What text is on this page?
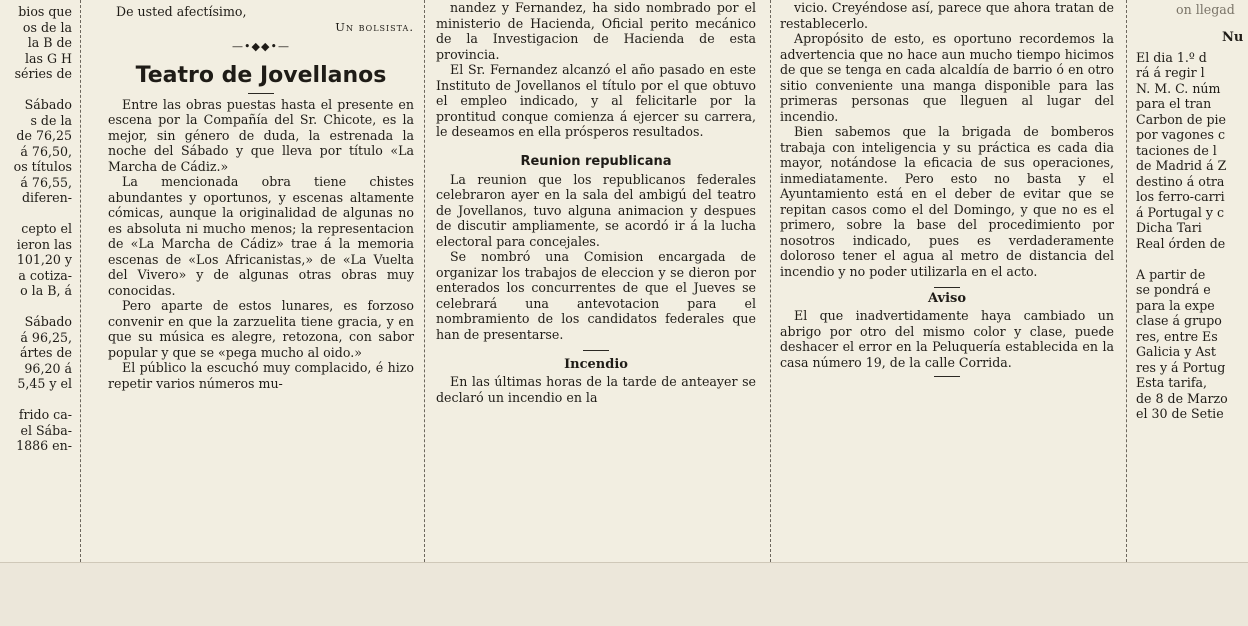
bios que
os de la
la B de
las G H
séries de
Sábado
s de la
de 76,25
á 76,50,
os títulos
á 76,55,
diferen-
cepto el
ieron las
101,20 y
a cotiza-
o la B, á
Sábado
á 96,25,
ártes de
96,20 á
5,45 y el
frido ca-
el Sába-
1886 en-

De usted afectísimo,

Un bolsista.
—•◆◆•—
Teatro de Jovellanos

Entre las obras puestas hasta el presente en escena por la Compañía del Sr. Chicote, es la mejor, sin género de duda, la estrenada la noche del Sábado y que lleva por título «La Marcha de Cádiz.»

La mencionada obra tiene chistes abundantes y oportunos, y escenas altamente cómicas, aunque la originalidad de algunas no es absoluta ni mucho menos; la representacion de «La Marcha de Cádiz» trae á la memoria escenas de «Los Africanistas,» de «La Vuelta del Vivero» y de algunas otras obras muy conocidas.

Pero aparte de estos lunares, es forzoso convenir en que la zarzuelita tiene gracia, y en que su música es alegre, retozona, con sabor popular y que se «pega mucho al oido.»

El público la escuchó muy complacido, é hizo repetir varios números mu-

nandez y Fernandez, ha sido nombrado por el ministerio de Hacienda, Oficial perito mecánico de la Investigacion de Hacienda de esta provincia.

El Sr. Fernandez alcanzó el año pasado en este Instituto de Jovellanos el título por el que obtuvo el empleo indicado, y al felicitarle por la prontitud conque comienza á ejercer su carrera, le deseamos en ella prósperos resultados.

Reunion republicana

La reunion que los republicanos federales celebraron ayer en la sala del ambigú del teatro de Jovellanos, tuvo alguna animacion y despues de discutir ampliamente, se acordó ir á la lucha electoral para concejales.

Se nombró una Comision encargada de organizar los trabajos de eleccion y se dieron por enterados los concurrentes de que el Jueves se celebrará una antevotacion para el nombramiento de los candidatos federales que han de presentarse.

Incendio

En las últimas horas de la tarde de anteayer se declaró un incendio en la

vicio. Creyéndose así, parece que ahora tratan de restablecerlo.

Apropósito de esto, es oportuno recordemos la advertencia que no hace aun mucho tiempo hicimos de que se tenga en cada alcaldía de barrio ó en otro sitio conveniente una manga disponible para las primeras personas que lleguen al lugar del incendio.

Bien sabemos que la brigada de bomberos trabaja con inteligencia y su práctica es cada dia mayor, notándose la eficacia de sus operaciones, inmediatamente. Pero esto no basta y el Ayuntamiento está en el deber de evitar que se repitan casos como el del Domingo, y que no es el primero, sobre la base del procedimiento por nosotros indicado, pues es verdaderamente doloroso tener el agua al metro de distancia del incendio y no poder utilizarla en el acto.

Aviso

El que inadvertidamente haya cambiado un abrigo por otro del mismo color y clase, puede deshacer el error en la Peluquería establecida en la casa número 19, de la calle Corrida.

on llegad
Nu
El dia 1.º d
rá á regir l
N. M. C. núm
para el tran
Carbon de pie
por vagones c
taciones de l
de Madrid á Z
destino á otra
los ferro-carri
á Portugal y c
Dicha Tari
Real órden de
A partir de
se pondrá e
para la expe
clase á grupo
res, entre Es
Galicia y Ast
res y á Portug
Esta tarifa,
de 8 de Marzo
el 30 de Setie
